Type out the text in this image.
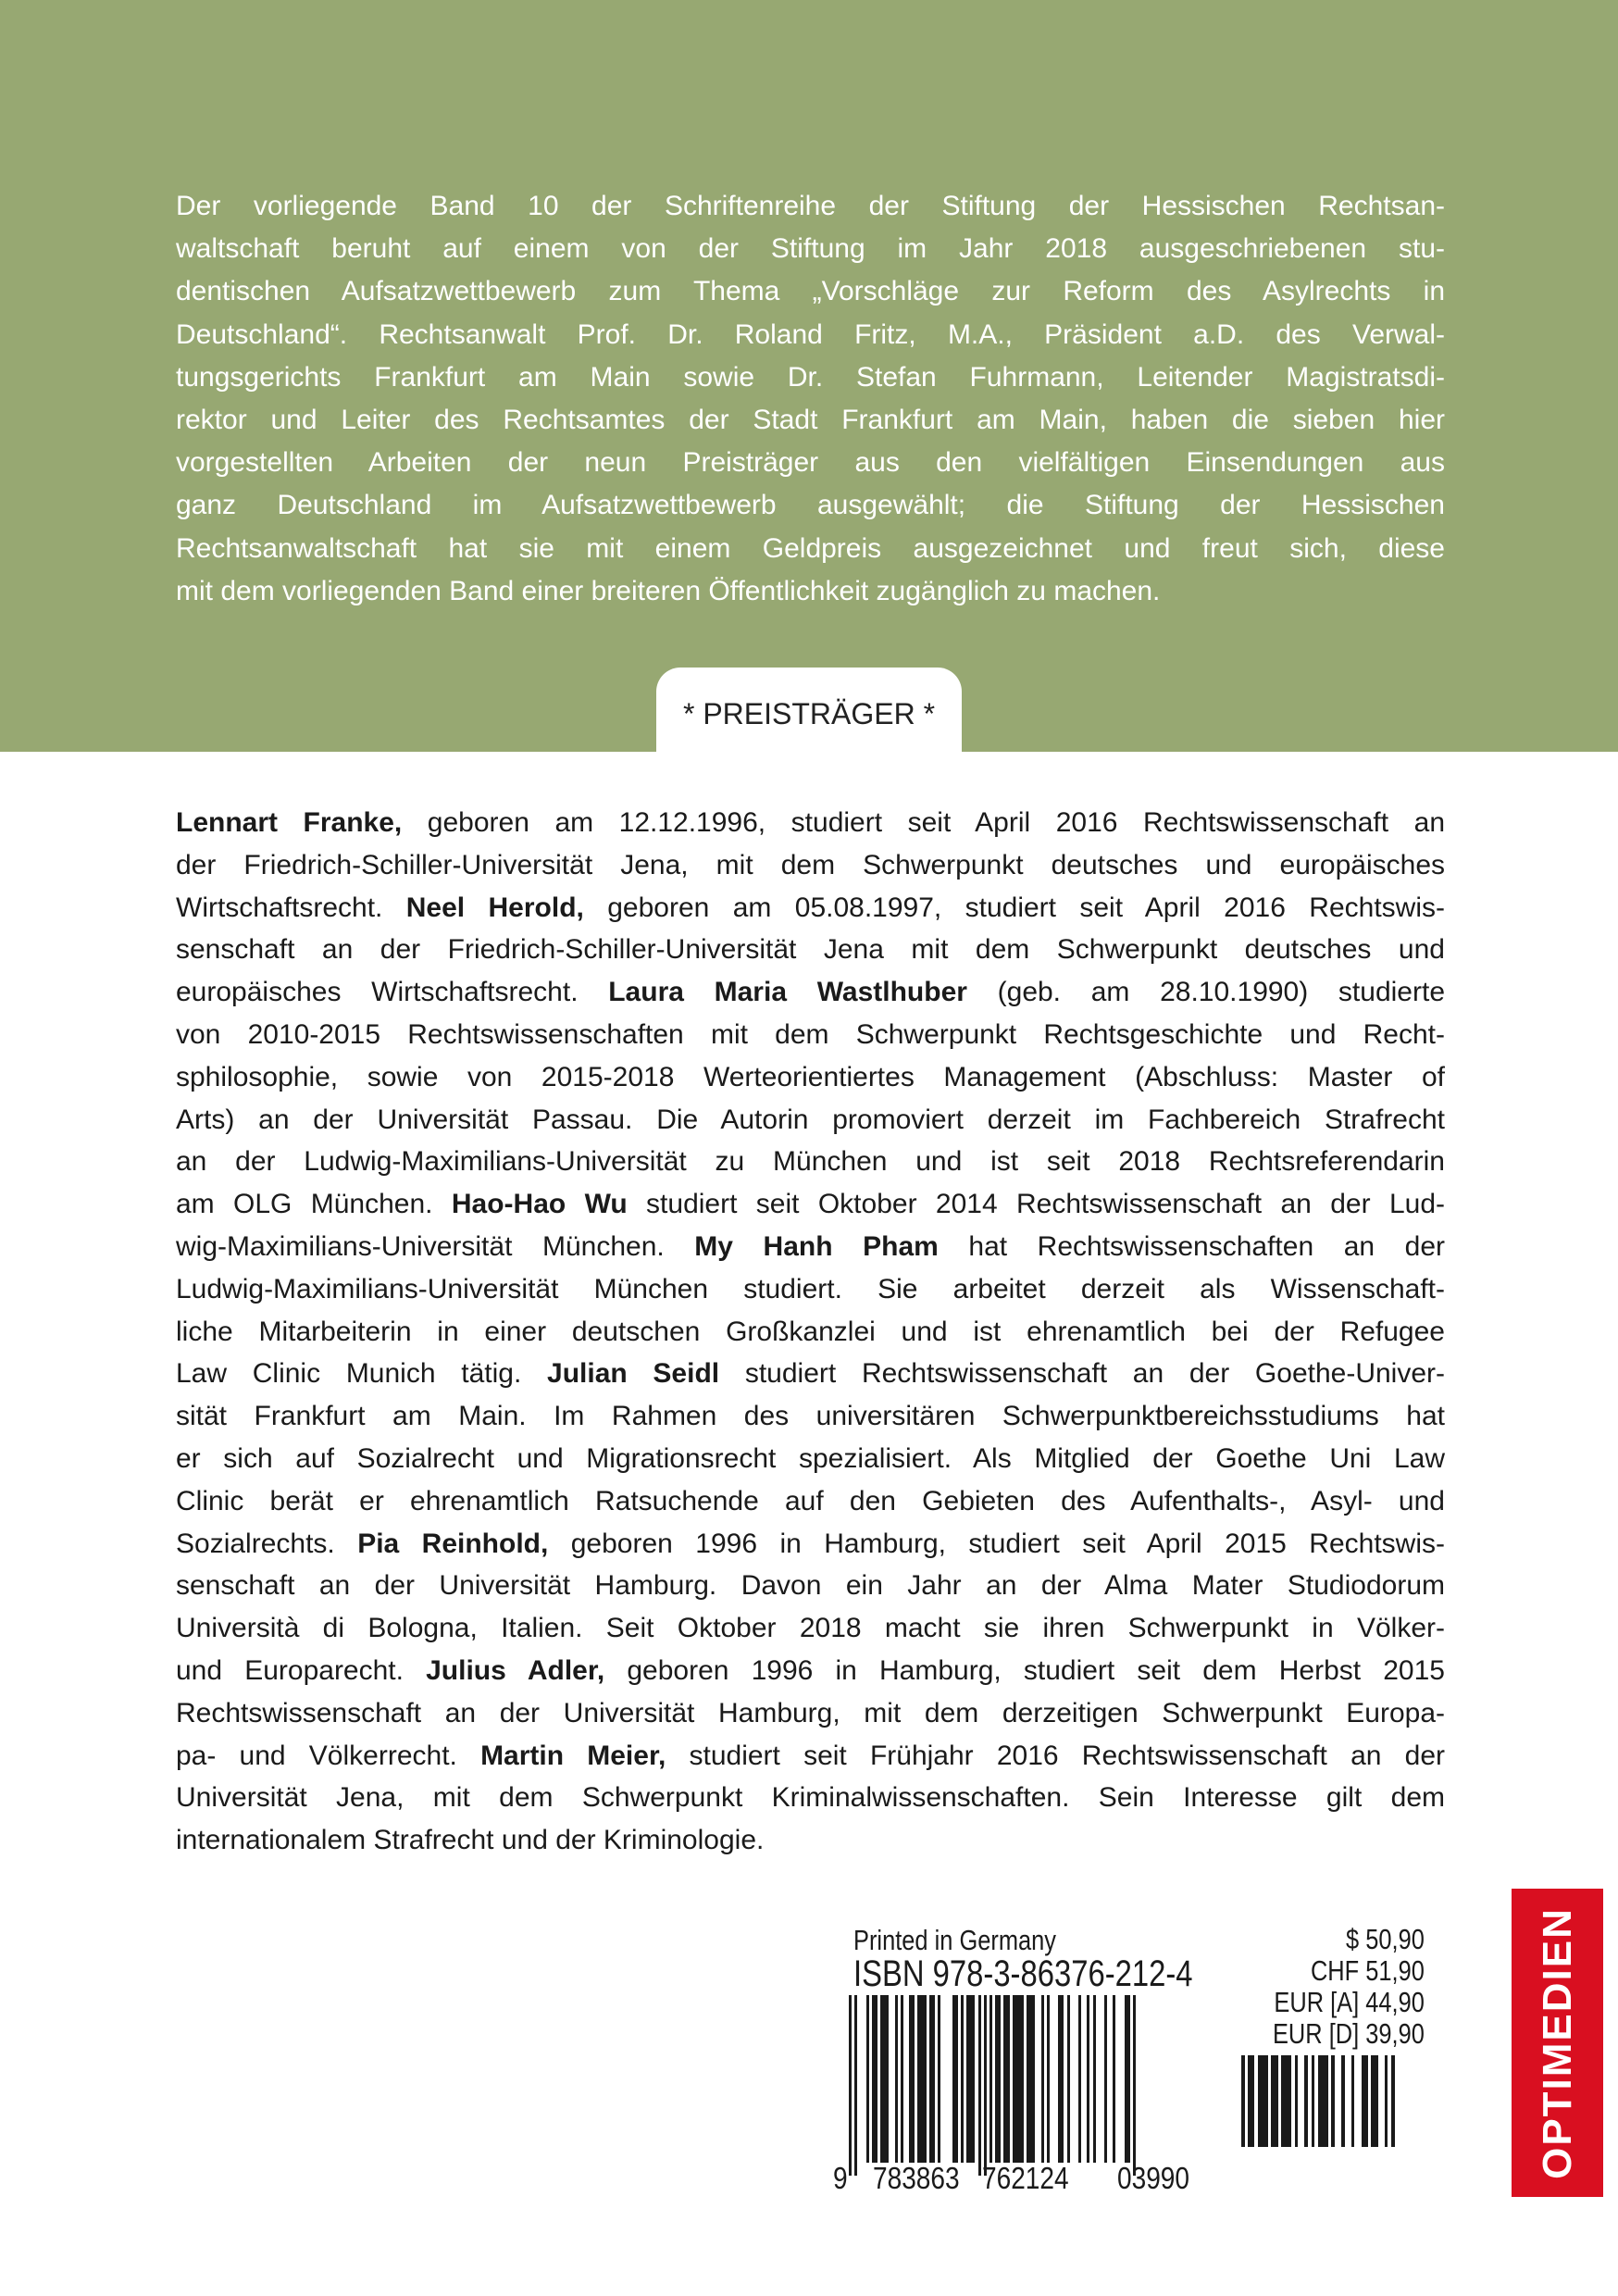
Der vorliegende Band 10 der Schriftenreihe der Stiftung der Hessischen Rechtsan-
waltschaft beruht auf einem von der Stiftung im Jahr 2018 ausgeschriebenen stu-
dentischen Aufsatzwettbewerb zum Thema „Vorschläge zur Reform des Asylrechts in
Deutschland“. Rechtsanwalt Prof. Dr. Roland Fritz, M.A., Präsident a.D. des Verwal-
tungsgerichts Frankfurt am Main sowie Dr. Stefan Fuhrmann, Leitender Magistratsdi-
rektor und Leiter des Rechtsamtes der Stadt Frankfurt am Main, haben die sieben hier
vorgestellten Arbeiten der neun Preisträger aus den vielfältigen Einsendungen aus
ganz Deutschland im Aufsatzwettbewerb ausgewählt; die Stiftung der Hessischen
Rechtsanwaltschaft hat sie mit einem Geldpreis ausgezeichnet und freut sich, diese
mit dem vorliegenden Band einer breiteren Öffentlichkeit zugänglich zu machen.
* PREISTRÄGER *
Lennart Franke, geboren am 12.12.1996, studiert seit April 2016 Rechtswissenschaft an
der Friedrich-Schiller-Universität Jena, mit dem Schwerpunkt deutsches und europäisches
Wirtschaftsrecht. Neel Herold, geboren am 05.08.1997, studiert seit April 2016 Rechtswis-
senschaft an der Friedrich-Schiller-Universität Jena mit dem Schwerpunkt deutsches und
europäisches Wirtschaftsrecht. Laura Maria Wastlhuber (geb. am 28.10.1990) studierte
von 2010-2015 Rechtswissenschaften mit dem Schwerpunkt Rechtsgeschichte und Recht-
sphilosophie, sowie von 2015-2018 Werteorientiertes Management (Abschluss: Master of
Arts) an der Universität Passau. Die Autorin promoviert derzeit im Fachbereich Strafrecht
an der Ludwig-Maximilians-Universität zu München und ist seit 2018 Rechtsreferendarin
am OLG München. Hao-Hao Wu studiert seit Oktober 2014 Rechtswissenschaft an der Lud-
wig-Maximilians-Universität München. My Hanh Pham hat Rechtswissenschaften an der
Ludwig-Maximilians-Universität München studiert. Sie arbeitet derzeit als Wissenschaft-
liche Mitarbeiterin in einer deutschen Großkanzlei und ist ehrenamtlich bei der Refugee
Law Clinic Munich tätig. Julian Seidl studiert Rechtswissenschaft an der Goethe-Univer-
sität Frankfurt am Main. Im Rahmen des universitären Schwerpunktbereichsstudiums hat
er sich auf Sozialrecht und Migrationsrecht spezialisiert. Als Mitglied der Goethe Uni Law
Clinic berät er ehrenamtlich Ratsuchende auf den Gebieten des Aufenthalts-, Asyl- und
Sozialrechts. Pia Reinhold, geboren 1996 in Hamburg, studiert seit April 2015 Rechtswis-
senschaft an der Universität Hamburg. Davon ein Jahr an der Alma Mater Studiodorum
Università di Bologna, Italien. Seit Oktober 2018 macht sie ihren Schwerpunkt in Völker-
und Europarecht. Julius Adler, geboren 1996 in Hamburg, studiert seit dem Herbst 2015
Rechtswissenschaft an der Universität Hamburg, mit dem derzeitigen Schwerpunkt Europa-
pa- und Völkerrecht. Martin Meier, studiert seit Frühjahr 2016 Rechtswissenschaft an der
Universität Jena, mit dem Schwerpunkt Kriminalwissenschaften. Sein Interesse gilt dem
internationalem Strafrecht und der Kriminologie.
Printed in Germany
ISBN 978-3-86376-212-4
$ 50,90
CHF 51,90
EUR [A] 44,90
EUR [D] 39,90
9 783863 762124 03990	OPTIMEDIEN
